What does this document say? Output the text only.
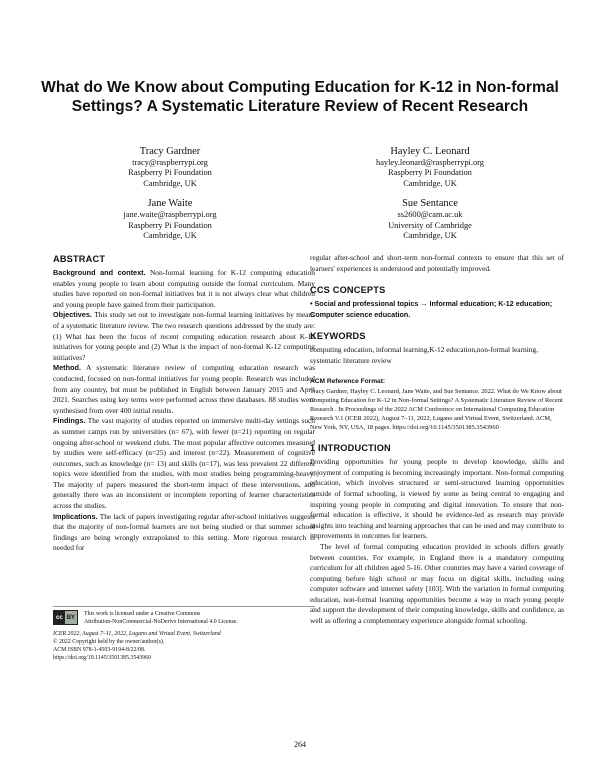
What do We Know about Computing Education for K-12 in Non-formal Settings? A Systematic Literature Review of Recent Research
Tracy Gardner
tracy@raspberrypi.org
Raspberry Pi Foundation
Cambridge, UK
Hayley C. Leonard
hayley.leonard@raspberrypi.org
Raspberry Pi Foundation
Cambridge, UK
Jane Waite
jane.waite@raspberrypi.org
Raspberry Pi Foundation
Cambridge, UK
Sue Sentance
ss2600@cam.ac.uk
University of Cambridge
Cambridge, UK
ABSTRACT

Background and context. Non-formal learning for K-12 computing education enables young people to learn about computing outside the formal curriculum. Many studies have reported on non-formal initiatives but it is not always clear what children and young people have gained from their participation.

Objectives. This study set out to investigate non-formal learning initiatives by means of a systematic literature review. The two research questions addressed by the study are: (1) What has been the focus of recent computing education research about K-12 initiatives for young people and (2) What is the impact of non-formal K-12 computing initiatives?

Method. A systematic literature review of computing education research was conducted, focused on non-formal initiatives for young people. Research was included from any country, but must be published in English between January 2015 and April 2021. Searches using key terms were performed across three databases. 88 studies were synthesised from over 400 initial results.

Findings. The vast majority of studies reported on immersive multi-day settings such as summer camps run by universities (n= 67), with fewer (n=21) reporting on regular ongoing after-school or weekend clubs. The most popular affective outcomes measured by studies were self-efficacy (n=25) and interest (n=22). Measurement of cognitive outcomes, such as knowledge (n= 13) and skills (n=17), was less prevalent 22 different topics were identified from the studies, with most studies being programming-heavy. The majority of papers measured the short-term impact of these interventions, and generally there was an inconsistent or incomplete reporting of learner characteristics across the studies.

Implications. The lack of papers investigating regular after-school initiatives suggests that the majority of non-formal learners are not being studied or that summer school findings are being wrongly extrapolated to this setting. More rigorous research is needed for

cc BY
This work is licensed under a Creative Commons
Attribution-NonCommercial-NoDerivs International 4.0 License.
ICER 2022, August 7–11, 2022, Lugano and Virtual Event, Switzerland
© 2022 Copyright held by the owner/author(s).
ACM ISBN 978-1-4503-9194-8/22/08.
https://doi.org/10.1145/3501385.3543960

regular after-school and short-term non-formal contexts to ensure that this set of learners' experiences is understood and potentially improved.

CCS CONCEPTS

• Social and professional topics → Informal education; K-12 education; Computer science education.

KEYWORDS

computing education, informal learning,K-12 education,non-formal learning, systematic literature review

ACM Reference Format:

Tracy Gardner, Hayley C. Leonard, Jane Waite, and Sue Sentance. 2022. What do We Know about Computing Education for K-12 in Non-formal Settings? A Systematic Literature Review of Recent Research . In Proceedings of the 2022 ACM Conference on International Computing Education Research V.1 (ICER 2022), August 7–11, 2022, Lugano and Virtual Event, Switzerland. ACM, New York, NY, USA, 18 pages. https://doi.org/10.1145/3501385.3543960

1 INTRODUCTION

Providing opportunities for young people to develop knowledge, skills and enjoyment of computing is becoming increasingly important. Non-formal computing education, which involves structured or semi-structured learning opportunities outside of formal schooling, is viewed by some as being central to engaging and inspiring young people in computing and digital innovation. To ensure that non-formal education is effective, it should be evidence-led as research may provide insights into teaching and learning approaches that can be used and may contribute to improvements in outcomes for learners.

The level of formal computing education provided in schools differs greatly between countries. For example, in England there is a mandatory computing curriculum for all children aged 5-16. Other countries may have a varied coverage of computing before high school or may focus on digital skills, including using computer software and internet safety [103]. With the variation in formal computing education, non-formal learning opportunities become a way to reach young people and support the development of their computing knowledge, skills and confidence, as well as offering a complementary experience alongside formal schooling.

264
